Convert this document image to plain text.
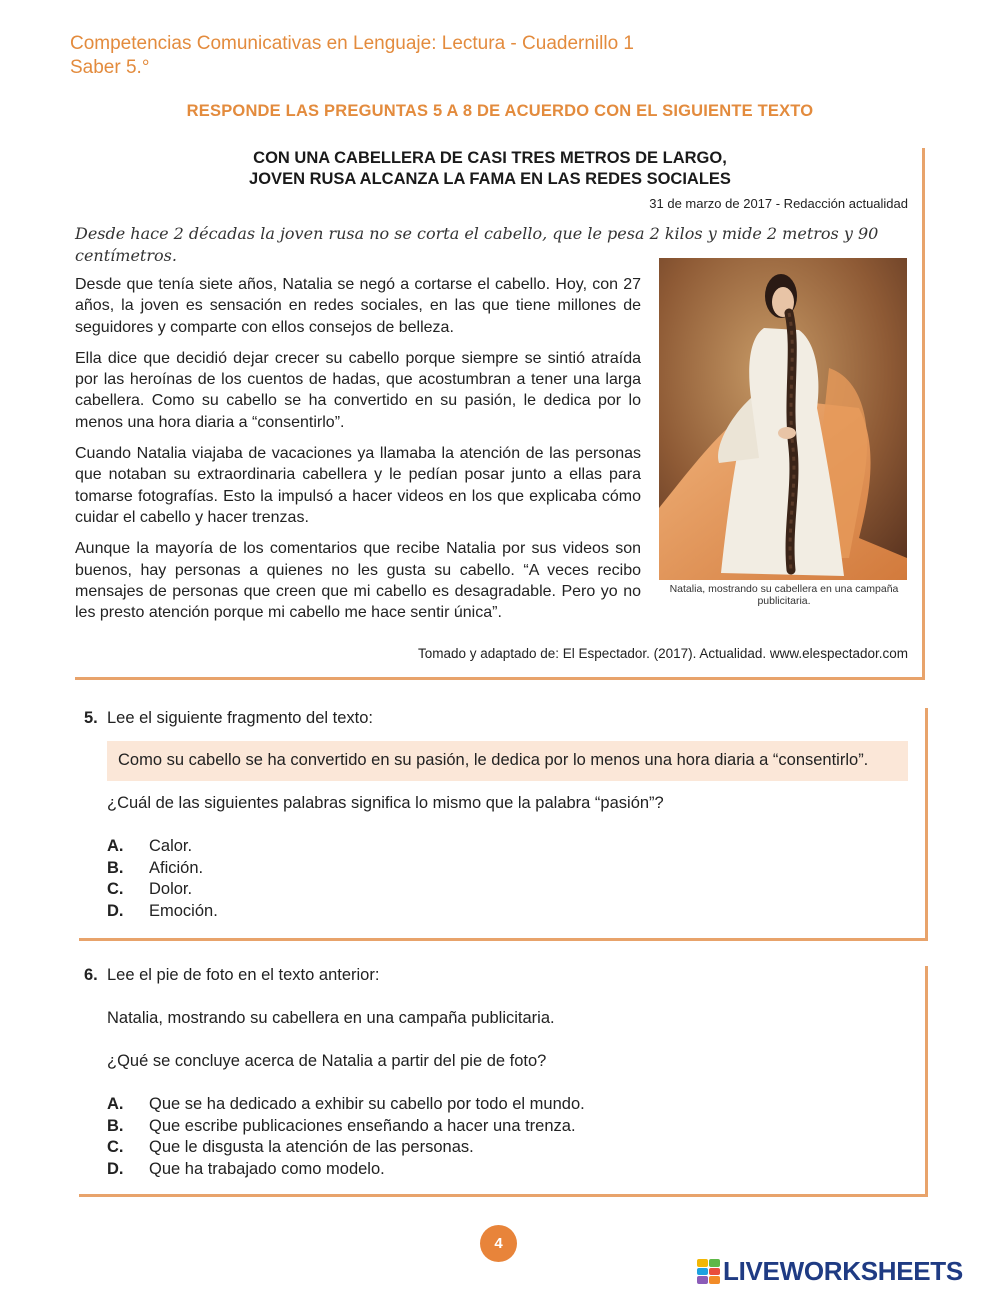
Competencias Comunicativas en Lenguaje: Lectura - Cuadernillo 1
Saber 5.°
RESPONDE LAS PREGUNTAS 5 A 8 DE ACUERDO CON EL SIGUIENTE TEXTO
CON UNA CABELLERA DE CASI TRES METROS DE LARGO,
JOVEN RUSA ALCANZA LA FAMA EN LAS REDES SOCIALES
31 de marzo de 2017 - Redacción actualidad
Desde hace 2 décadas la joven rusa no se corta el cabello, que le pesa 2 kilos y mide 2 metros y 90 centímetros.

Desde que tenía siete años, Natalia se negó a cortarse el cabello. Hoy, con 27 años, la joven es sensación en redes sociales, en las que tiene millones de seguidores y comparte con ellos consejos de belleza.

Ella dice que decidió dejar crecer su cabello porque siempre se sintió atraída por las heroínas de los cuentos de hadas, que acostumbran a tener una larga cabellera. Como su cabello se ha convertido en su pasión, le dedica por lo menos una hora diaria a “consentirlo”.

Cuando Natalia viajaba de vacaciones ya llamaba la atención de las personas que notaban su extraordinaria cabellera y le pedían posar junto a ellas para tomarse fotografías. Esto la impulsó a hacer videos en los que explicaba cómo cuidar el cabello y hacer trenzas.

Aunque la mayoría de los comentarios que recibe Natalia por sus videos son buenos, hay personas a quienes no les gusta su cabello. “A veces recibo mensajes de personas que creen que mi cabello es desagradable. Pero yo no les presto atención porque mi cabello me hace sentir única”.

Natalia, mostrando su cabellera en una campaña publicitaria.
Tomado y adaptado de: El Espectador. (2017). Actualidad. www.elespectador.com
5. Lee el siguiente fragmento del texto:
Como su cabello se ha convertido en su pasión, le dedica por lo menos una hora diaria a “consentirlo”.
¿Cuál de las siguientes palabras significa lo mismo que la palabra “pasión”?
A.	Calor.
B.	Afición.
C.	Dolor.
D.	Emoción.
6. Lee el pie de foto en el texto anterior:
Natalia, mostrando su cabellera en una campaña publicitaria.
¿Qué se concluye acerca de Natalia a partir del pie de foto?
A.	Que se ha dedicado a exhibir su cabello por todo el mundo.
B.	Que escribe publicaciones enseñando a hacer una trenza.
C.	Que le disgusta la atención de las personas.
D.	Que ha trabajado como modelo.
4
LIVEWORKSHEETS
